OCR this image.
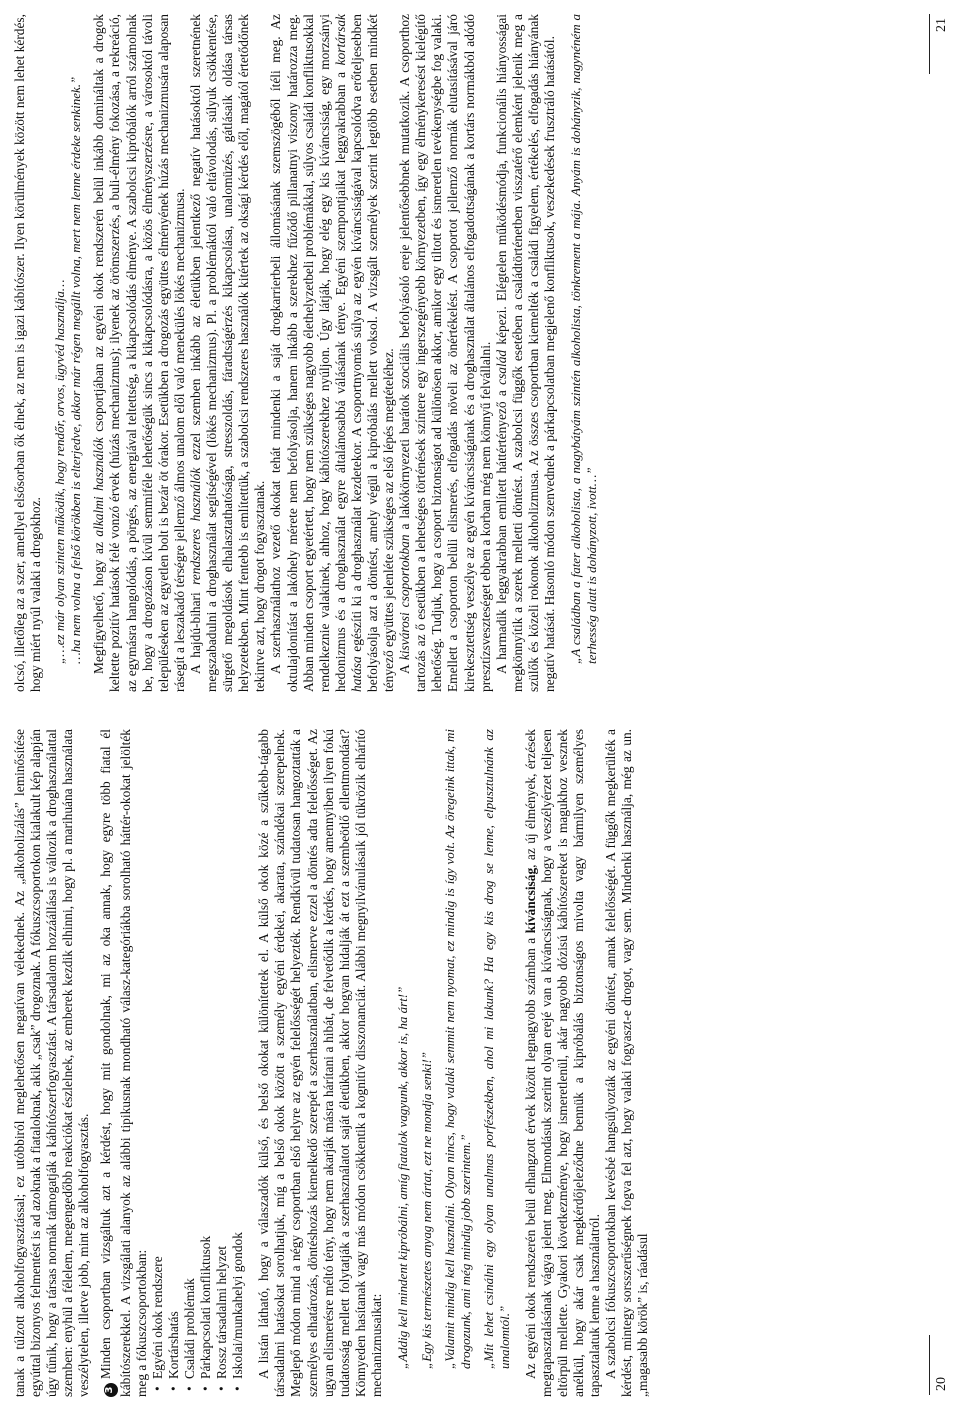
tanak a túlzott alkoholfogyasztással; ez utóbbiról meglehetősen negatívan vélekednek. Az „alkoholizálás” leminősítése egyúttal bizonyos felmentést is ad azoknak a fiataloknak, akik „csak” drogoznak. A fókuszcsoportokon kialakult kép alapján úgy tűnik, hogy a társas normák támogatják a kábítószerfogyasztást. A társadalom hozzáállása is változik a droghasználattal szemben: enyhül a félelem, megengedőbb reakciókat észlelnek, az emberek kezdik elhinni, hogy pl. a marihuána használata veszélytelen, illetve jobb, mint az alkoholfogyasztás.	3Minden csoportban vizsgáltuk azt a kérdést, hogy mit gondolnak, mi az oka annak, hogy egyre több fiatal él kábítószerekkel. A vizsgálati alanyok az alábbi tipikusnak mondható válasz-kategóriákba sorolható háttér-okokat jelölték meg a fókuszcsoportokban: • Egyéni okok rendszere • Kortárshatás • Családi problémák • Párkapcsolati konfliktusok • Rossz társadalmi helyzet • Iskolai/munkahelyi gondok A listán látható, hogy a válaszadók külső, és belső okokat különítettek el. A külső okok közé a szűkebb-tágabb társadalmi hatásokat sorolhatjuk, míg a belső okok között a személy egyéni érdekei, akarata, szándékai szerepelnek. Meglepő módon mind a négy csoportban első helyre az egyén felelősségét helyezték. Rendkívül tudatosan hangoztatták a személyes elhatározás, döntéshozás kiemelkedő szerepét a szerhasználatban, elismerve ezzel a döntés adta felelősséget. Az ugyan elismerésre méltó tény, hogy nem akarják másra hárítani a hibát, de felvetődik a kérdés, hogy amennyiben ilyen fokú tudatosság mellett folytatják a szerhasználatot saját életükben, akkor hogyan hidalják át ezt a szembeötlő ellentmondást? Könnyeden hasítanak vagy más módon csökkentik a kognitív disszonanciát. Alábbi megnyilvánulásaik jól tükrözik elhárító mechanizmusaikat: „Addig kell mindent kipróbálni, amíg fiatalok vagyunk, akkor is, ha árt!” „Egy kis természetes anyag nem ártat, ezt ne mondja senki!” „Valamit mindig kell használni. Olyan nincs, hogy valaki semmit nem nyomat, ez mindig is így volt. Az öregeink ittak, mi drogozunk, ami még mindig jobb szerintem.” „Mit lehet csinálni egy olyan unalmas porfészekben, ahol mi lakunk? Ha egy kis drog se lenne, elpusztulnánk az unalomtól.” Az egyéni okok rendszerén belül elhangzott érvek között legnagyobb számban a kíváncsiság, az új élmények, érzések megtapasztalásának vágya jelent meg. Elmondásuk szerint olyan erejé van a kíváncsiságnak, hogy a veszélyérzet teljesen eltörpül mellette. Gyakori következménye, hogy ismeretlenül, akár nagyobb dózisú kábítószereket is magukhoz vesznek anélkül, hogy akár csak megkérdőjeleződne bennük a kipróbálás biztonságos mivolta vagy bármilyen személyes tapasztalatuk lenne a használatról. A szabolcsi fókuszcsoportokban kevésbé hangsúlyozták az egyéni döntést, annak felelősségét. A függők megkerülték a kérdést, mintegy sorsszerűségnek fogva fel azt, hogy valaki fogyaszt-e drogot, vagy sem. Mindenki használja, még az un. „magasabb körök” is, ráadásul	20

olcsó, illetőleg az a szer, amellyel elsősorban ők élnek, az nem is igazi kábítószer. Ilyen körülmények között nem lehet kérdés, hogy miért nyúl valaki a drogokhoz. „…ez már olyan szinten működik, hogy rendőr, orvos, ügyvéd használja… …ha nem volna a felső körökben is elterjedve, akkor már régen megállt volna, mert nem lenne érdeke senkinek.” Megfigyelhető, hogy az alkalmi használók csoportjában az egyéni okok rendszerén belül inkább domináltak a drogok keltette pozitív hatások felé vonzó érvek (húzás mechanizmus); ilyenek az örömszerzés, a buli-élmény fokozása, a rekreáció, az egymásra hangolódás, a pörgés, az energiával teltettség, a kikapcsolódás élménye. A szabolcsi kipróbálók arról számolnak be, hogy a drogozáson kívül semmiféle lehetőségük sincs a kikapcsolódásra, a közös élményszerzésre, a városoktól távoli településeken az egyetlen bolt is bezár öt órakor. Esetükben a drogozás együttes élményének húzás mechanizmusára alaposan rásegít a leszakadó térségre jellemző álmos unalom elől való menekülés lökés mechanizmusa. A hajdú-bihari rendszeres használók ezzel szemben inkább az életükben jelentkező negatív hatásoktól szeretnének megszabadulni a droghasználat segítségével (lökés mechanizmus). Pl. a problémáktól való eltávolodás, súlyuk csökkentése, sürgető megoldások elhalasztathatósága, stresszoldás, fáradtságérzés kikapcsolása, unalomüzés, gátlásaik oldása társas helyzetekben. Mint fentebb is említettük, a szabolcsi rendszeres használók kitértek az okságí kérdés elől, magától értetődőnek tekintve azt, hogy drogot fogyasztanak. A szerhasználathoz vezető okokat tehát mindenki a saját drogkarrierbeli állomásának szemszögéből ítéli meg. Az oktulajdonítást a lakóhely mérete nem befolyásolja, hanem inkább a szerekhez fűződő pillanatnyi viszony határozza meg. Abban minden csoport egyetértett, hogy nem szükséges nagyobb élethelyzetbeli problémákkal, súlyos családi konfliktusokkal rendelkeznie valakinek, ahhoz, hogy kábítószerekhez nyúljon. Úgy látják, hogy elég egy kis kíváncsiság, egy morzsányi hedonizmus és a droghasználat egyre általánosabbá válásának ténye. Egyéni szempontjaikat leggyakrabban a kortársak hatása egészíti ki a droghasználat kezdetekor. A csoportnyomás súlya az egyén kíváncsiságával kapcsolódva erőteljesebben befolyásolja azt a döntést, amely végül a kipróbálás mellett voksol. A vizsgált személyek szerint legtöbb esetben mindkét tényező együttes jelenléte szükséges az első lépés megtételéhez. A kisvárosi csoportokban a lakókörnyezeti barátok szociális befolyásoló ereje jelentősebbnek mutatkozik. A csoporthoz tartozás az ő esetükben a lehetséges történések színtere egy ingerszegényebb környezetben, így egy élménykeresést kielégítő lehetőség. Tudjuk, hogy a csoport biztonságot ad különösen akkor, amikor egy tiltott és ismeretlen tevékenységbe fog valaki. Emellett a csoporton belüli elismerés, elfogadás növeli az önértékelést. A csoportot jellemző normák elutasításával járó kirekesztettség veszélye az egyén kíváncsiságának és a droghasználat általános elfogadottságának a kortárs normákból adódó presztízsveszteséget ebben a korban még nem könnyű felvállalni. A harmadik leggyakrabban említett háttértényező a család képezi. Elégtelen működésmódja, funkcionális hiányosságai megkönnyítik a szerek melletti döntést. A szabolcsi függők esetében a családtörténetben visszatérő elemként jelenik meg a szülők és közeli rokonok alkoholizmusa. Az összes csoportban kiemelték a családi figyelem, értékelés, elfogadás hiányának negatív hatását. Hasonló módon szenvednek a párkapcsolatban megjelenő konfliktusok, veszekedések frusztráló hatásától. „A családban a fater alkoholista, a nagybátyám szintén alkoholista, tönkrement a mája. Anyám is dohányzik, nagynéném a terhesség alatt is dohányzott, ivott…”
21
